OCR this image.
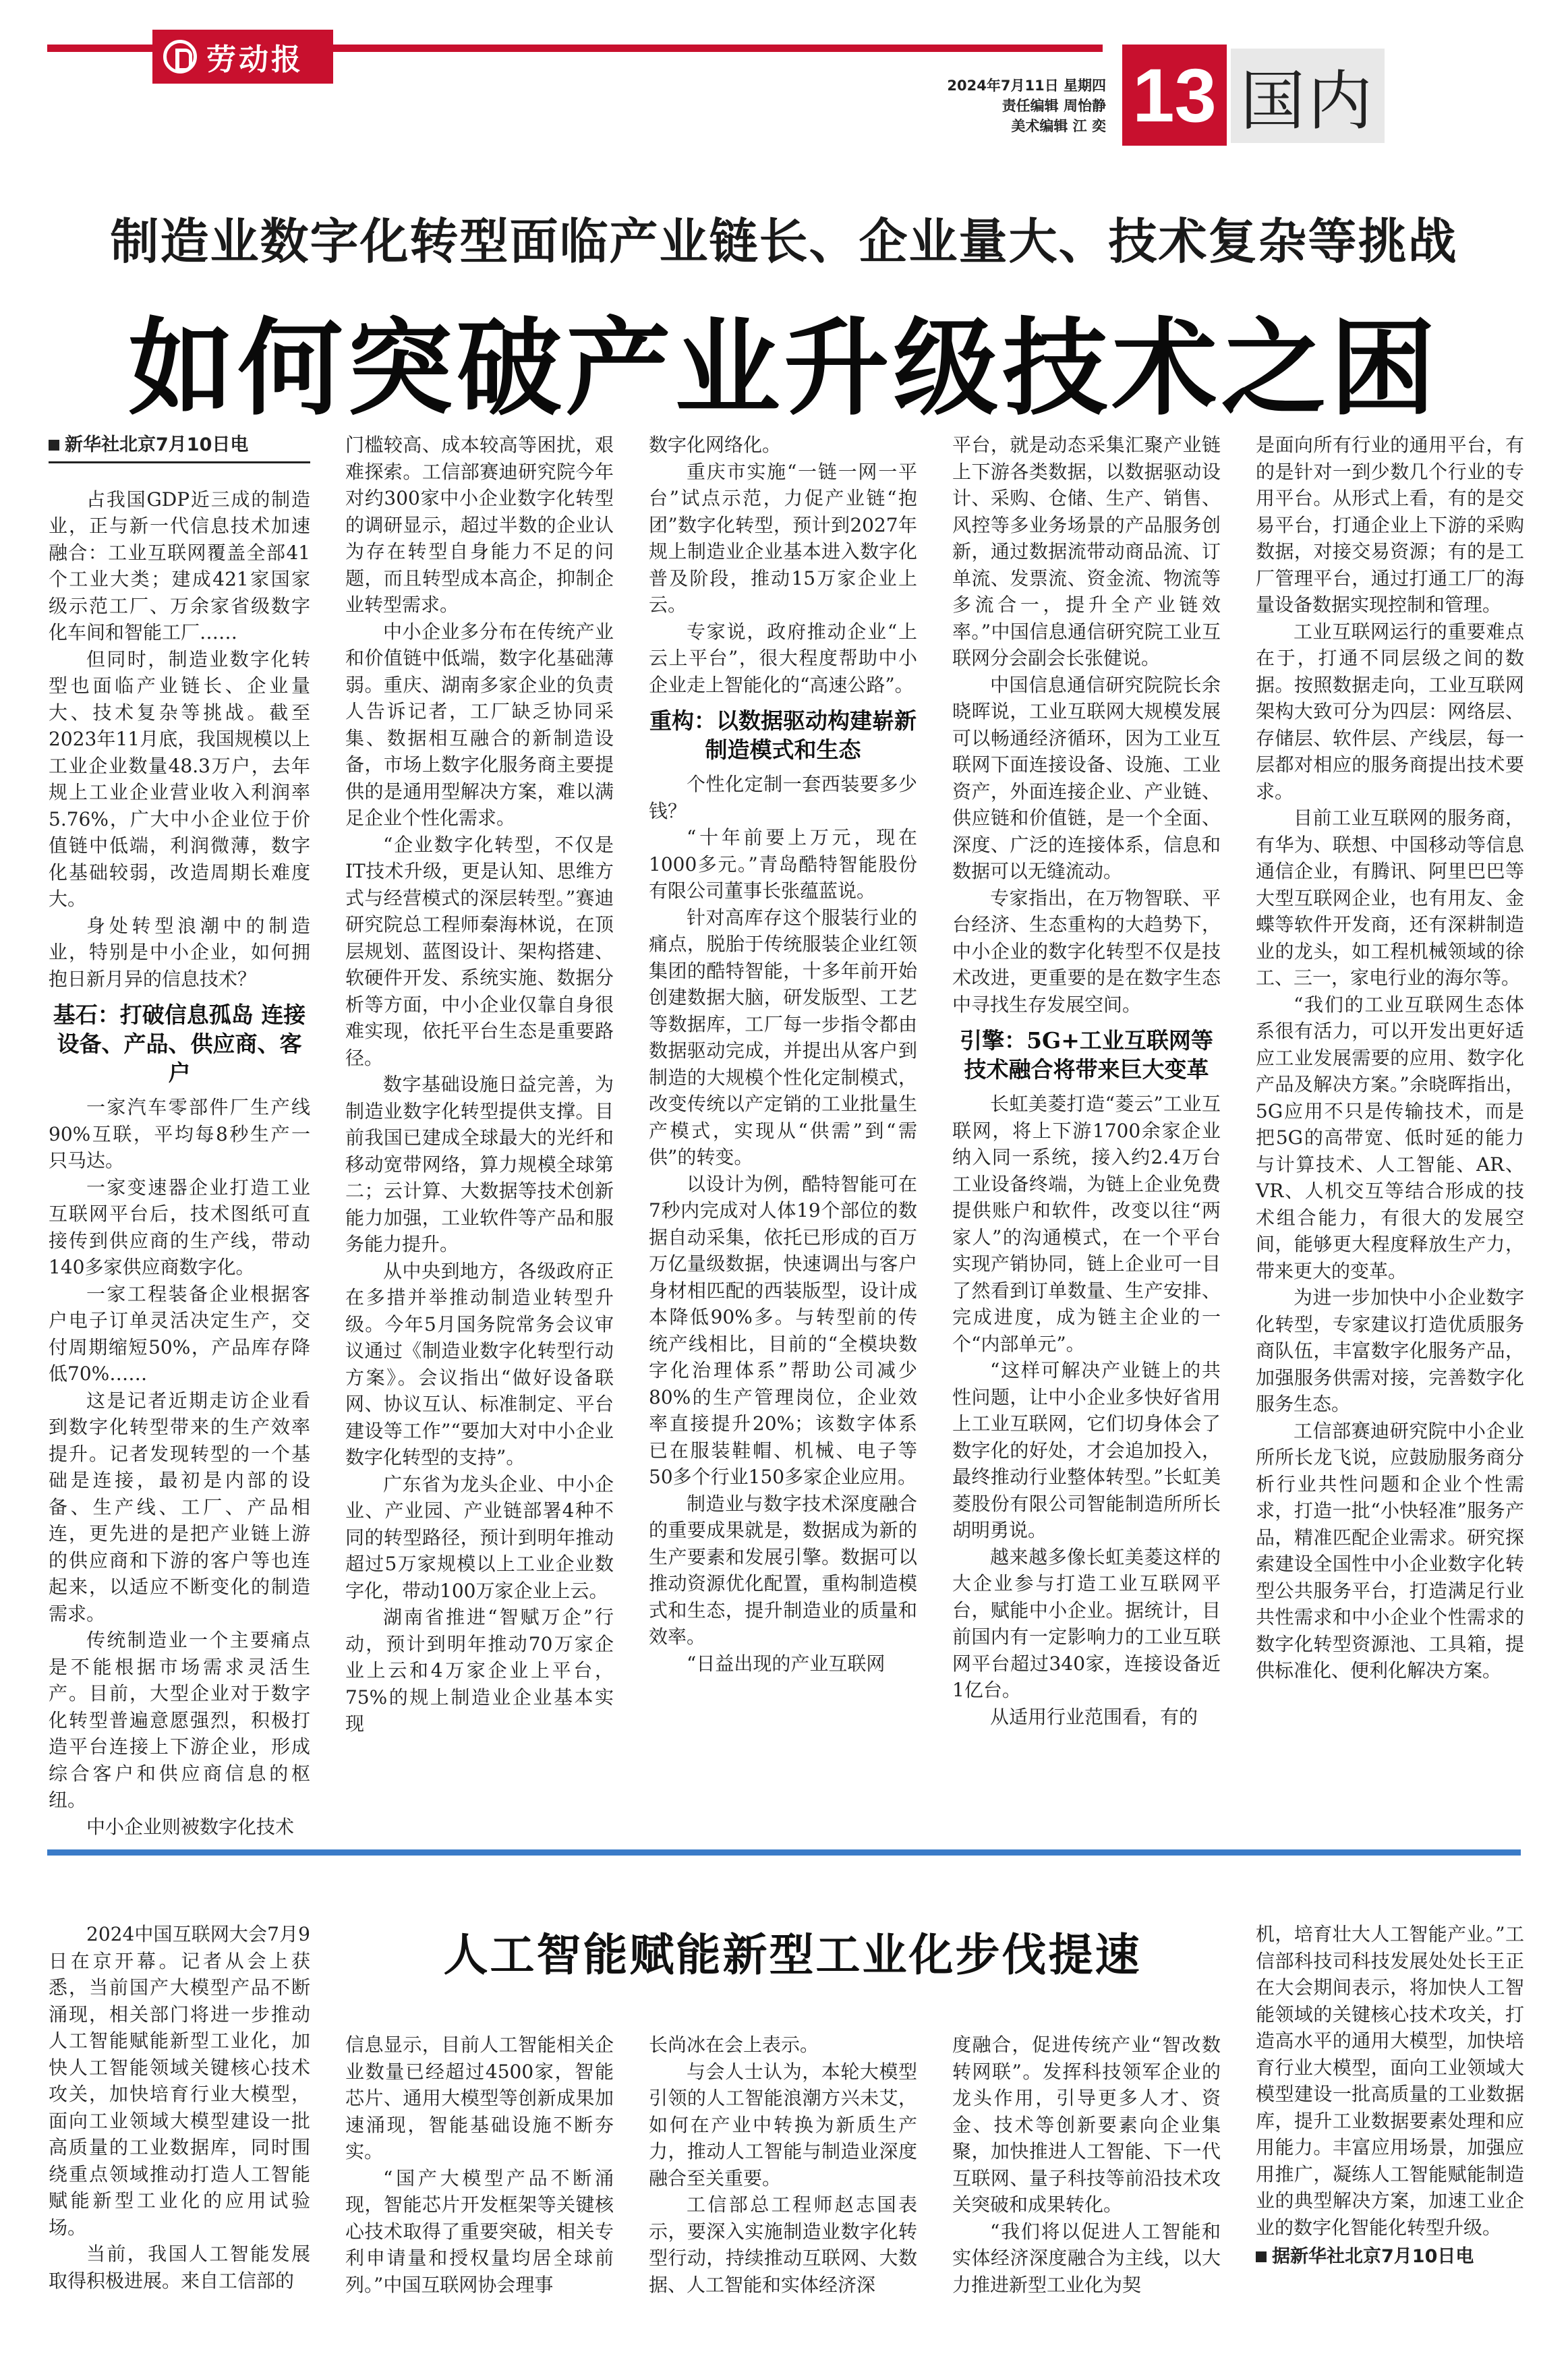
劳动报
2024年7月11日 星期四
责任编辑 周怡静
美术编辑 江 奕 13 国内
制造业数字化转型面临产业链长、企业量大、技术复杂等挑战
如何突破产业升级技术之困
新华社北京7月10日电

占我国GDP近三成的制造业，正与新一代信息技术加速融合：工业互联网覆盖全部41个工业大类；建成421家国家级示范工厂、万余家省级数字化车间和智能工厂……

但同时，制造业数字化转型也面临产业链长、企业量大、技术复杂等挑战。截至2023年11月底，我国规模以上工业企业数量48.3万户，去年规上工业企业营业收入利润率5.76%，广大中小企业位于价值链中低端，利润微薄，数字化基础较弱，改造周期长难度大。

身处转型浪潮中的制造业，特别是中小企业，如何拥抱日新月异的信息技术？

基石：打破信息孤岛 连接设备、产品、供应商、客户

一家汽车零部件厂生产线90%互联，平均每8秒生产一只马达。

一家变速器企业打造工业互联网平台后，技术图纸可直接传到供应商的生产线，带动140多家供应商数字化。

一家工程装备企业根据客户电子订单灵活决定生产，交付周期缩短50%，产品库存降低70%……

这是记者近期走访企业看到数字化转型带来的生产效率提升。记者发现转型的一个基础是连接，最初是内部的设备、生产线、工厂、产品相连，更先进的是把产业链上游的供应商和下游的客户等也连起来，以适应不断变化的制造需求。

传统制造业一个主要痛点是不能根据市场需求灵活生产。目前，大型企业对于数字化转型普遍意愿强烈，积极打造平台连接上下游企业，形成综合客户和供应商信息的枢纽。

中小企业则被数字化技术

门槛较高、成本较高等困扰，艰难探索。工信部赛迪研究院今年对约300家中小企业数字化转型的调研显示，超过半数的企业认为存在转型自身能力不足的问题，而且转型成本高企，抑制企业转型需求。

中小企业多分布在传统产业和价值链中低端，数字化基础薄弱。重庆、湖南多家企业的负责人告诉记者，工厂缺乏协同采集、数据相互融合的新制造设备，市场上数字化服务商主要提供的是通用型解决方案，难以满足企业个性化需求。

“企业数字化转型，不仅是IT技术升级，更是认知、思维方式与经营模式的深层转型。”赛迪研究院总工程师秦海林说，在顶层规划、蓝图设计、架构搭建、软硬件开发、系统实施、数据分析等方面，中小企业仅靠自身很难实现，依托平台生态是重要路径。

数字基础设施日益完善，为制造业数字化转型提供支撑。目前我国已建成全球最大的光纤和移动宽带网络，算力规模全球第二；云计算、大数据等技术创新能力加强，工业软件等产品和服务能力提升。

从中央到地方，各级政府正在多措并举推动制造业转型升级。今年5月国务院常务会议审议通过《制造业数字化转型行动方案》。会议指出“做好设备联网、协议互认、标准制定、平台建设等工作”“要加大对中小企业数字化转型的支持”。

广东省为龙头企业、中小企业、产业园、产业链部署4种不同的转型路径，预计到明年推动超过5万家规模以上工业企业数字化，带动100万家企业上云。

湖南省推进“智赋万企”行动，预计到明年推动70万家企业上云和4万家企业上平台，75%的规上制造业企业基本实现

数字化网络化。

重庆市实施“一链一网一平台”试点示范，力促产业链“抱团”数字化转型，预计到2027年规上制造业企业基本进入数字化普及阶段，推动15万家企业上云。

专家说，政府推动企业“上云上平台”，很大程度帮助中小企业走上智能化的“高速公路”。

重构：以数据驱动构建崭新制造模式和生态

个性化定制一套西装要多少钱？

“十年前要上万元，现在1000多元。”青岛酷特智能股份有限公司董事长张蕴蓝说。

针对高库存这个服装行业的痛点，脱胎于传统服装企业红领集团的酷特智能，十多年前开始创建数据大脑，研发版型、工艺等数据库，工厂每一步指令都由数据驱动完成，并提出从客户到制造的大规模个性化定制模式，改变传统以产定销的工业批量生产模式，实现从“供需”到“需供”的转变。

以设计为例，酷特智能可在7秒内完成对人体19个部位的数据自动采集，依托已形成的百万万亿量级数据，快速调出与客户身材相匹配的西装版型，设计成本降低90%多。与转型前的传统产线相比，目前的“全模块数字化治理体系”帮助公司减少80%的生产管理岗位，企业效率直接提升20%；该数字体系已在服装鞋帽、机械、电子等50多个行业150多家企业应用。

制造业与数字技术深度融合的重要成果就是，数据成为新的生产要素和发展引擎。数据可以推动资源优化配置，重构制造模式和生态，提升制造业的质量和效率。

“日益出现的产业互联网

平台，就是动态采集汇聚产业链上下游各类数据，以数据驱动设计、采购、仓储、生产、销售、风控等多业务场景的产品服务创新，通过数据流带动商品流、订单流、发票流、资金流、物流等多流合一，提升全产业链效率。”中国信息通信研究院工业互联网分会副会长张健说。

中国信息通信研究院院长余晓晖说，工业互联网大规模发展可以畅通经济循环，因为工业互联网下面连接设备、设施、工业资产，外面连接企业、产业链、供应链和价值链，是一个全面、深度、广泛的连接体系，信息和数据可以无缝流动。

专家指出，在万物智联、平台经济、生态重构的大趋势下，中小企业的数字化转型不仅是技术改进，更重要的是在数字生态中寻找生存发展空间。

引擎：5G+工业互联网等技术融合将带来巨大变革

长虹美菱打造“菱云”工业互联网，将上下游1700余家企业纳入同一系统，接入约2.4万台工业设备终端，为链上企业免费提供账户和软件，改变以往“两家人”的沟通模式，在一个平台实现产销协同，链上企业可一目了然看到订单数量、生产安排、完成进度，成为链主企业的一个“内部单元”。

“这样可解决产业链上的共性问题，让中小企业多快好省用上工业互联网，它们切身体会了数字化的好处，才会追加投入，最终推动行业整体转型。”长虹美菱股份有限公司智能制造所所长胡明勇说。

越来越多像长虹美菱这样的大企业参与打造工业互联网平台，赋能中小企业。据统计，目前国内有一定影响力的工业互联网平台超过340家，连接设备近1亿台。

从适用行业范围看，有的

是面向所有行业的通用平台，有的是针对一到少数几个行业的专用平台。从形式上看，有的是交易平台，打通企业上下游的采购数据，对接交易资源；有的是工厂管理平台，通过打通工厂的海量设备数据实现控制和管理。

工业互联网运行的重要难点在于，打通不同层级之间的数据。按照数据走向，工业互联网架构大致可分为四层：网络层、存储层、软件层、产线层，每一层都对相应的服务商提出技术要求。

目前工业互联网的服务商，有华为、联想、中国移动等信息通信企业，有腾讯、阿里巴巴等大型互联网企业，也有用友、金蝶等软件开发商，还有深耕制造业的龙头，如工程机械领域的徐工、三一，家电行业的海尔等。

“我们的工业互联网生态体系很有活力，可以开发出更好适应工业发展需要的应用、数字化产品及解决方案。”余晓晖指出，5G应用不只是传输技术，而是把5G的高带宽、低时延的能力与计算技术、人工智能、AR、VR、人机交互等结合形成的技术组合能力，有很大的发展空间，能够更大程度释放生产力，带来更大的变革。

为进一步加快中小企业数字化转型，专家建议打造优质服务商队伍，丰富数字化服务产品，加强服务供需对接，完善数字化服务生态。

工信部赛迪研究院中小企业所所长龙飞说，应鼓励服务商分析行业共性问题和企业个性需求，打造一批“小快轻准”服务产品，精准匹配企业需求。研究探索建设全国性中小企业数字化转型公共服务平台，打造满足行业共性需求和中小企业个性需求的数字化转型资源池、工具箱，提供标准化、便利化解决方案。

人工智能赋能新型工业化步伐提速

2024中国互联网大会7月9日在京开幕。记者从会上获悉，当前国产大模型产品不断涌现，相关部门将进一步推动人工智能赋能新型工业化，加快人工智能领域关键核心技术攻关，加快培育行业大模型，面向工业领域大模型建设一批高质量的工业数据库，同时围绕重点领域推动打造人工智能赋能新型工业化的应用试验场。

当前，我国人工智能发展取得积极进展。来自工信部的

信息显示，目前人工智能相关企业数量已经超过4500家，智能芯片、通用大模型等创新成果加速涌现，智能基础设施不断夯实。

“国产大模型产品不断涌现，智能芯片开发框架等关键核心技术取得了重要突破，相关专利申请量和授权量均居全球前列。”中国互联网协会理事

长尚冰在会上表示。

与会人士认为，本轮大模型引领的人工智能浪潮方兴未艾，如何在产业中转换为新质生产力，推动人工智能与制造业深度融合至关重要。

工信部总工程师赵志国表示，要深入实施制造业数字化转型行动，持续推动互联网、大数据、人工智能和实体经济深

度融合，促进传统产业“智改数转网联”。发挥科技领军企业的龙头作用，引导更多人才、资金、技术等创新要素向企业集聚，加快推进人工智能、下一代互联网、量子科技等前沿技术攻关突破和成果转化。

“我们将以促进人工智能和实体经济深度融合为主线，以大力推进新型工业化为契

机，培育壮大人工智能产业。”工信部科技司科技发展处处长王正在大会期间表示，将加快人工智能领域的关键核心技术攻关，打造高水平的通用大模型，加快培育行业大模型，面向工业领域大模型建设一批高质量的工业数据库，提升工业数据要素处理和应用能力。丰富应用场景，加强应用推广，凝练人工智能赋能制造业的典型解决方案，加速工业企业的数字化智能化转型升级。

据新华社北京7月10日电
